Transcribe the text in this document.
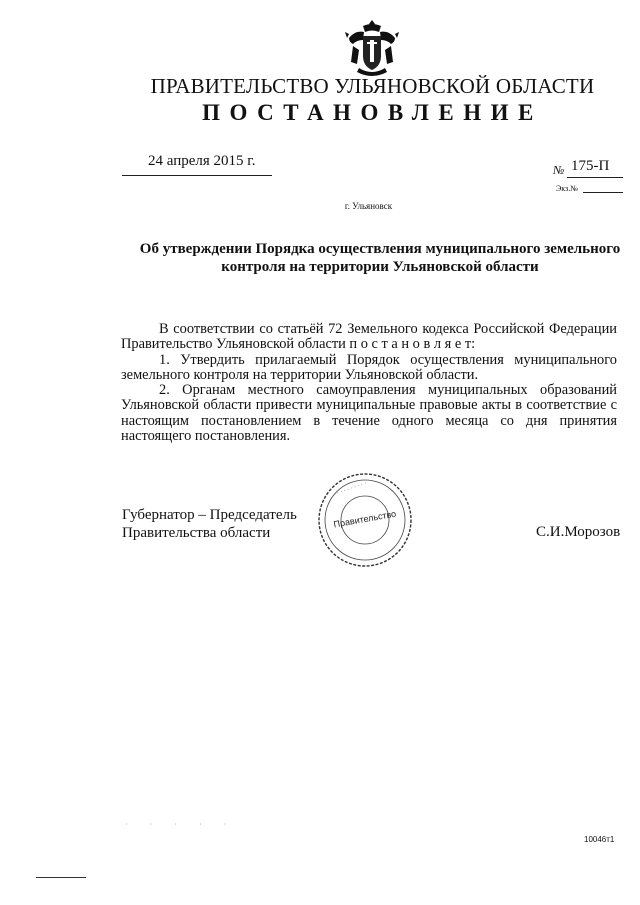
ПРАВИТЕЛЬСТВО УЛЬЯНОВСКОЙ ОБЛАСТИ
ПОСТАНОВЛЕНИЕ
24 апреля 2015 г.
№ 175-П
Экз.№
г. Ульяновск
Об утверждении Порядка осуществления муниципального земельного контроля на территории Ульяновской области

В соответствии со статьёй 72 Земельного кодекса Российской Федерации Правительство Ульяновской области п о с т а н о в л я е т:

1. Утвердить прилагаемый Порядок осуществления муниципального земельного контроля на территории Ульяновской области.

2. Органам местного самоуправления муниципальных образований Ульяновской области привести муниципальные правовые акты в соответствие с настоящим постановлением в течение одного месяца со дня принятия настоящего постановления.

Губернатор – Председатель
Правительства области
· · · · · · · · · ·
Правительство
С.И.Морозов
·····
10046т1
